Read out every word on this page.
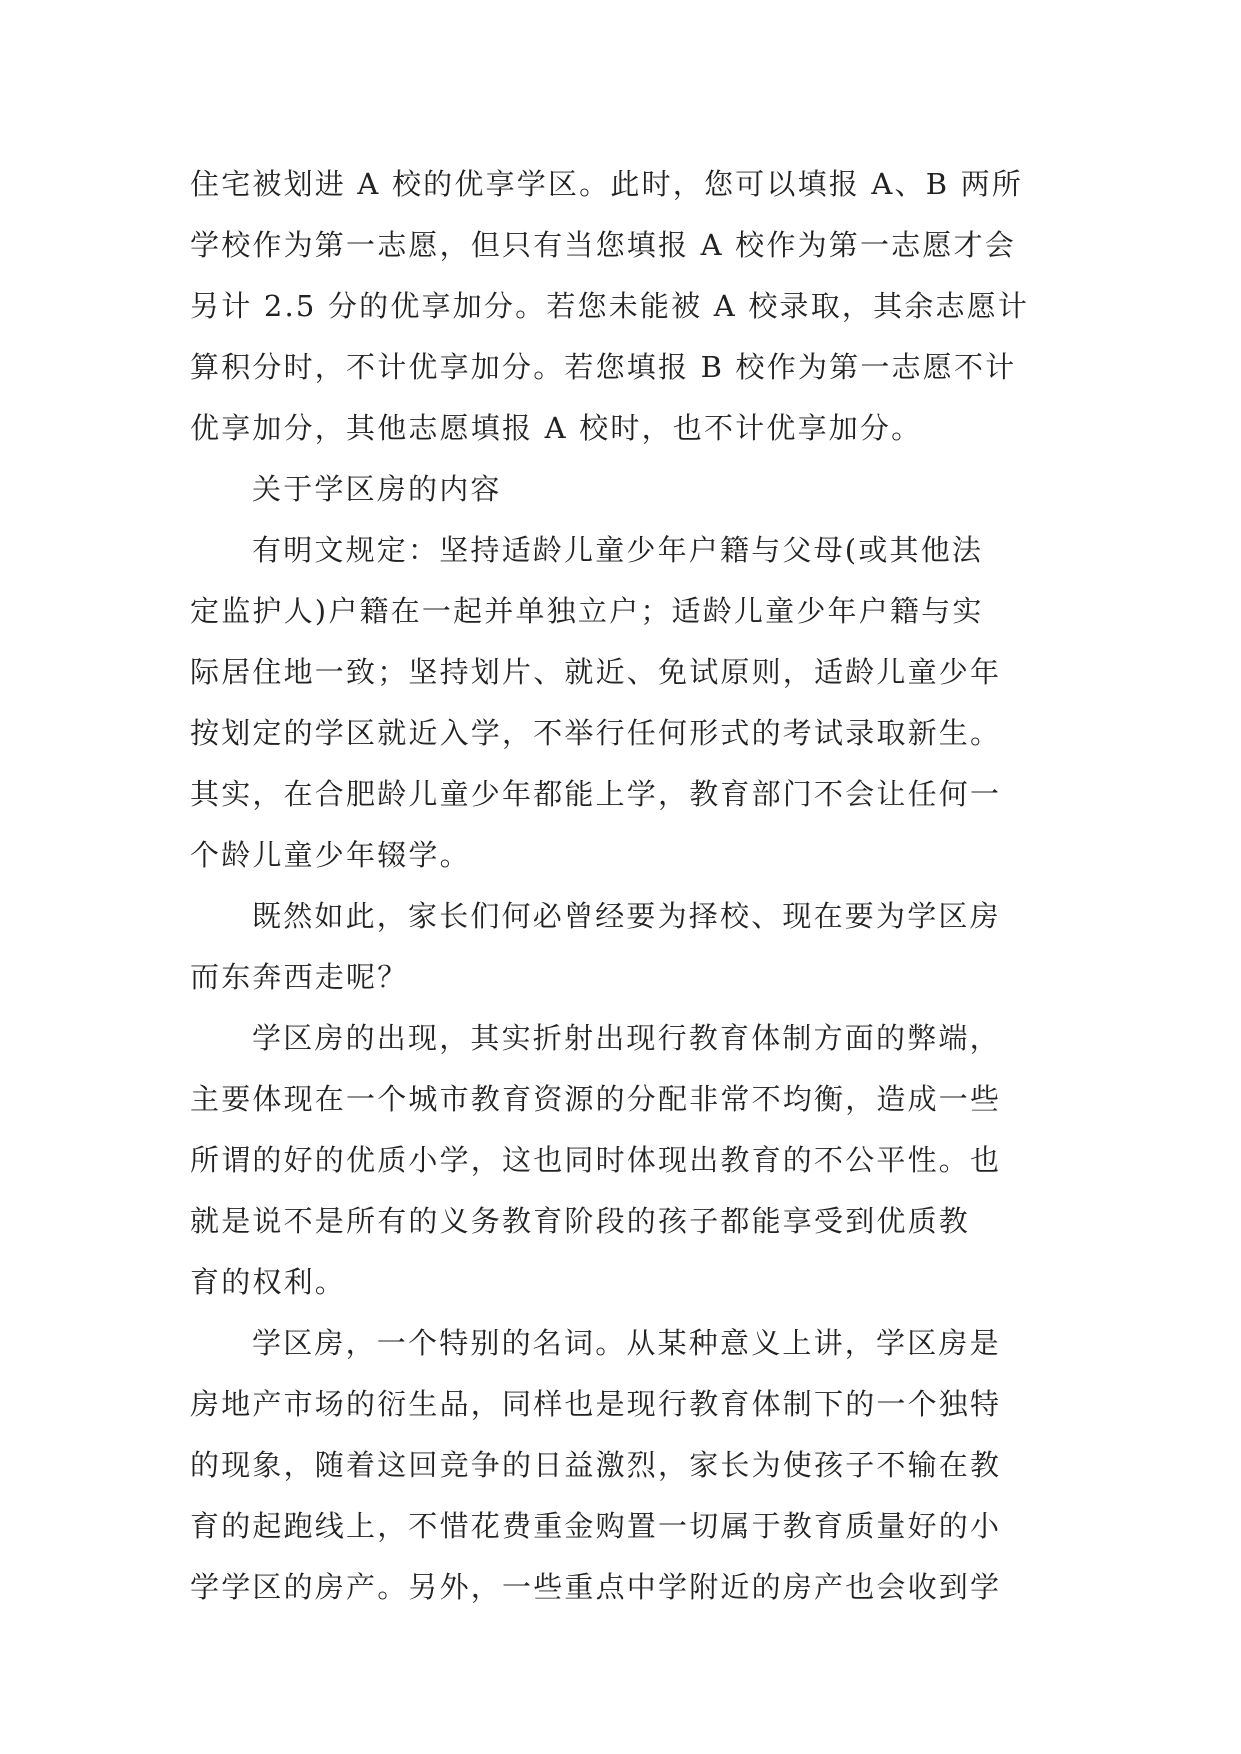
住宅被划进 A 校的优享学区。此时，您可以填报 A、B 两所
学校作为第一志愿，但只有当您填报 A 校作为第一志愿才会
另计 2.5 分的优享加分。若您未能被 A 校录取，其余志愿计
算积分时，不计优享加分。若您填报 B 校作为第一志愿不计
优享加分，其他志愿填报 A 校时，也不计优享加分。
关于学区房的内容
有明文规定：坚持适龄儿童少年户籍与父母(或其他法
定监护人)户籍在一起并单独立户；适龄儿童少年户籍与实
际居住地一致；坚持划片、就近、免试原则，适龄儿童少年
按划定的学区就近入学，不举行任何形式的考试录取新生。
其实，在合肥龄儿童少年都能上学，教育部门不会让任何一
个龄儿童少年辍学。
既然如此，家长们何必曾经要为择校、现在要为学区房
而东奔西走呢？
学区房的出现，其实折射出现行教育体制方面的弊端，
主要体现在一个城市教育资源的分配非常不均衡，造成一些
所谓的好的优质小学，这也同时体现出教育的不公平性。也
就是说不是所有的义务教育阶段的孩子都能享受到优质教
育的权利。
学区房，一个特别的名词。从某种意义上讲，学区房是
房地产市场的衍生品，同样也是现行教育体制下的一个独特
的现象，随着这回竞争的日益激烈，家长为使孩子不输在教
育的起跑线上，不惜花费重金购置一切属于教育质量好的小
学学区的房产。另外，一些重点中学附近的房产也会收到学
